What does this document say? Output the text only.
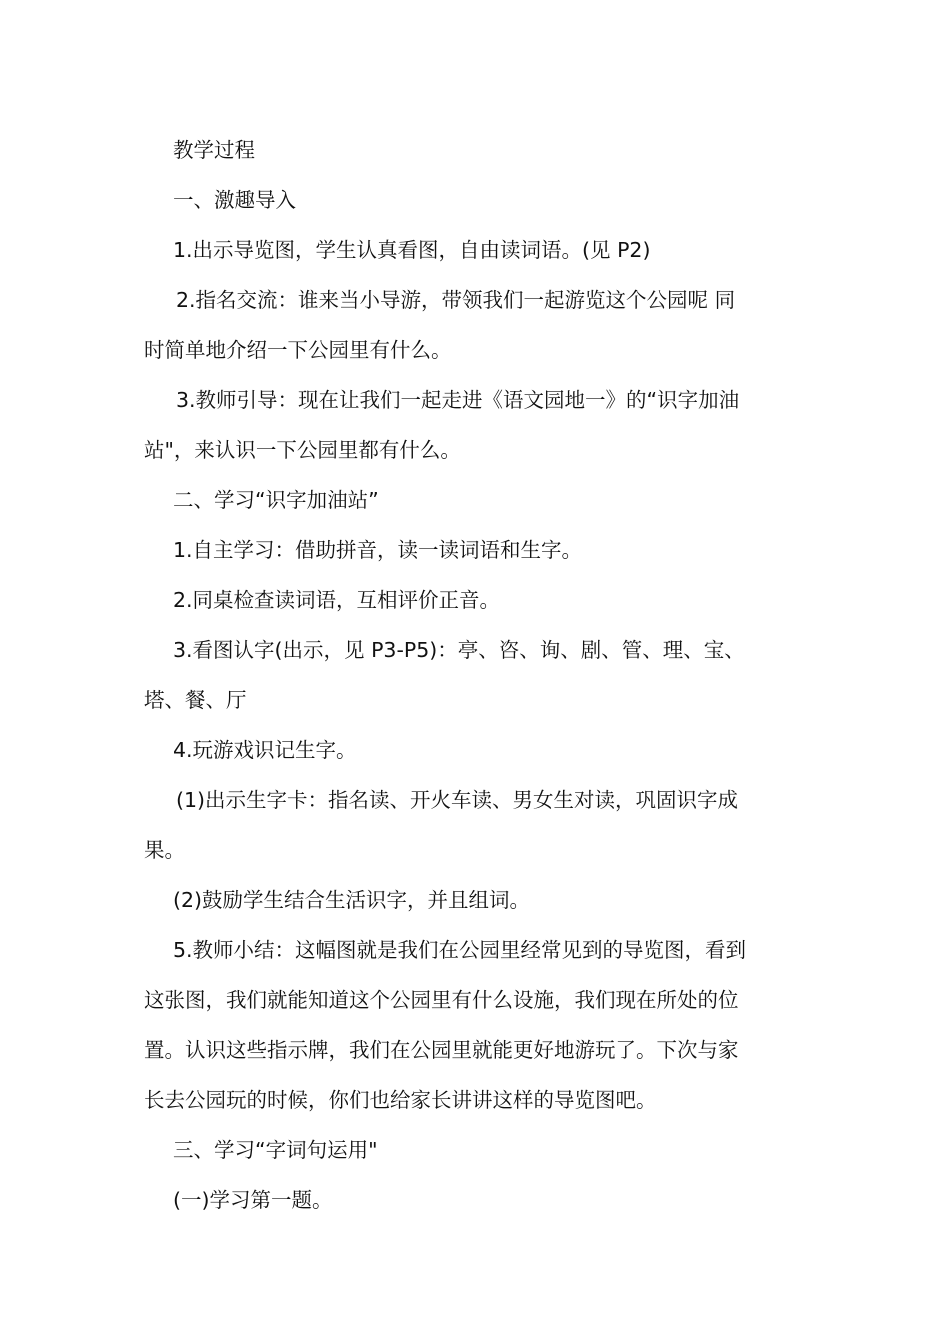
教学过程

一、激趣导入

1.出示导览图，学生认真看图，自由读词语。(见 P2)

2.指名交流：谁来当小导游，带领我们一起游览这个公园呢 同

时简单地介绍一下公园里有什么。

3.教师引导：现在让我们一起走进《语文园地一》的“识字加油

站"，来认识一下公园里都有什么。

二、学习“识字加油站”

1.自主学习：借助拼音，读一读词语和生字。

2.同桌检查读词语，互相评价正音。

3.看图认字(出示，见 P3-P5)：亭、咨、询、剧、管、理、宝、

塔、餐、厅

4.玩游戏识记生字。

(1)出示生字卡：指名读、开火车读、男女生对读，巩固识字成

果。

(2)鼓励学生结合生活识字，并且组词。

5.教师小结：这幅图就是我们在公园里经常见到的导览图，看到

这张图，我们就能知道这个公园里有什么设施，我们现在所处的位

置。认识这些指示牌，我们在公园里就能更好地游玩了。下次与家

长去公园玩的时候，你们也给家长讲讲这样的导览图吧。

三、学习“字词句运用"

(一)学习第一题。
